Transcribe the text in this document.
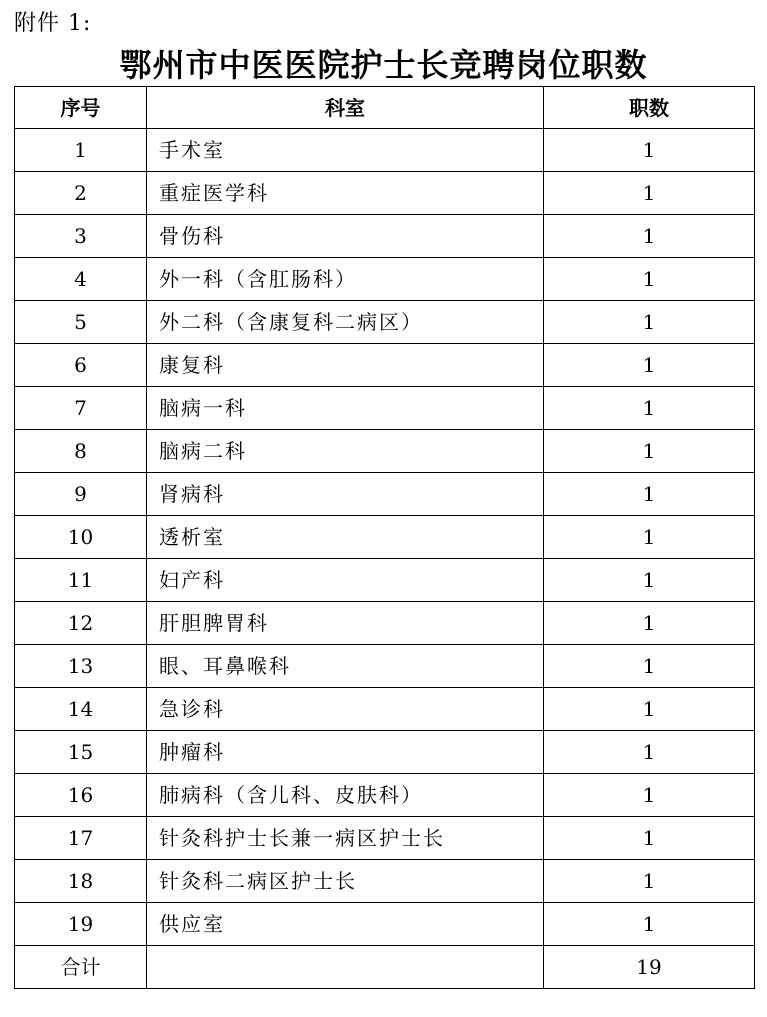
附件 1:
鄂州市中医医院护士长竞聘岗位职数
序号	科室	职数
1	手术室	1
2	重症医学科	1
3	骨伤科	1
4	外一科（含肛肠科）	1
5	外二科（含康复科二病区）	1
6	康复科	1
7	脑病一科	1
8	脑病二科	1
9	肾病科	1
10	透析室	1
11	妇产科	1
12	肝胆脾胃科	1
13	眼、耳鼻喉科	1
14	急诊科	1
15	肿瘤科	1
16	肺病科（含儿科、皮肤科）	1
17	针灸科护士长兼一病区护士长	1
18	针灸科二病区护士长	1
19	供应室	1
合计		19
